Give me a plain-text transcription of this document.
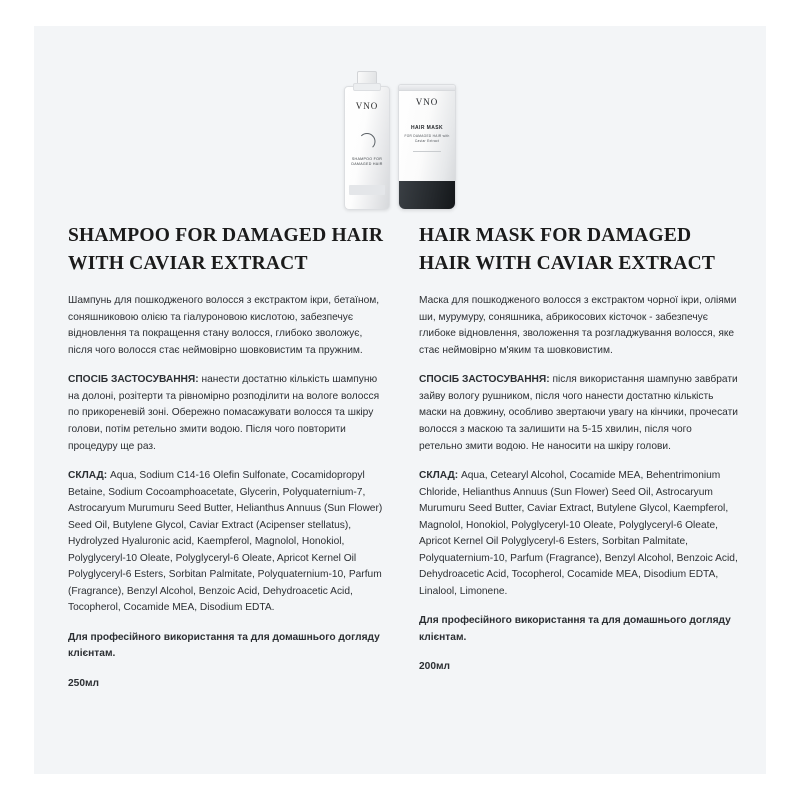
VNO
SHAMPOO FOR DAMAGED HAIR
VNO
HAIR MASK
FOR DAMAGED HAIR with Caviar Extract
SHAMPOO FOR DAMAGED HAIR WITH CAVIAR EXTRACT

Шампунь для пошкодженого волосся з екстрактом ікри, бетаїном, соняшниковою олією та гіалуроновою кислотою, забезпечує відновлення та покращення стану волосся, глибоко зволожує, після чого волосся стає неймовірно шовковистим та пружним.

СПОСІБ ЗАСТОСУВАННЯ: нанести достатню кількість шампуню на долоні, розітерти та рівномірно розподілити на вологе волосся по прикореневій зоні. Обережно помасажувати волосся та шкіру голови, потім ретельно змити водою. Після чого повторити процедуру ще раз.

СКЛАД: Aqua, Sodium C14-16 Olefin Sulfonate, Cocamidopropyl Betaine, Sodium Cocoamphoacetate, Glycerin, Polyquaternium-7, Astrocaryum Murumuru Seed Butter, Helianthus Annuus (Sun Flower) Seed Oil, Butylene Glycol, Caviar Extract (Acipenser stellatus), Hydrolyzed Hyaluronic acid, Kaempferol, Magnolol, Honokiol, Polyglyceryl-10 Oleate, Polyglyceryl-6 Oleate, Apricot Kernel Oil Polyglyceryl-6 Esters, Sorbitan Palmitate, Polyquaternium-10, Parfum (Fragrance), Benzyl Alcohol, Benzoic Acid, Dehydroacetic Acid, Tocopherol, Cocamide MEA, Disodium EDTA.

Для професійного використання та для домашнього догляду клієнтам.

250мл

HAIR MASK FOR DAMAGED HAIR WITH CAVIAR EXTRACT

Маска для пошкодженого волосся з екстрактом чорної ікри, оліями ши, мурумуру, соняшника, абрикосових кісточок - забезпечує глибоке відновлення, зволоження та розгладжування волосся, яке стає неймовірно м'яким та шовковистим.

СПОСІБ ЗАСТОСУВАННЯ: після використання шампуню завбрати зайву вологу рушником, після чого нанести достатню кількість маски на довжину, особливо звертаючи увагу на кінчики, прочесати волосся з маскою та залишити на 5-15 хвилин, після чого ретельно змити водою. Не наносити на шкіру голови.

СКЛАД: Aqua, Cetearyl Alcohol, Cocamide MEA, Behentrimonium Chloride, Helianthus Annuus (Sun Flower) Seed Oil, Astrocaryum Murumuru Seed Butter, Caviar Extract, Butylene Glycol, Kaempferol, Magnolol, Honokiol, Polyglyceryl-10 Oleate, Polyglyceryl-6 Oleate, Apricot Kernel Oil Polyglyceryl-6 Esters, Sorbitan Palmitate, Polyquaternium-10, Parfum (Fragrance), Benzyl Alcohol, Benzoic Acid, Dehydroacetic Acid, Tocopherol, Cocamide MEA, Disodium EDTA, Linalool, Limonene.

Для професійного використання та для домашнього догляду клієнтам.

200мл
